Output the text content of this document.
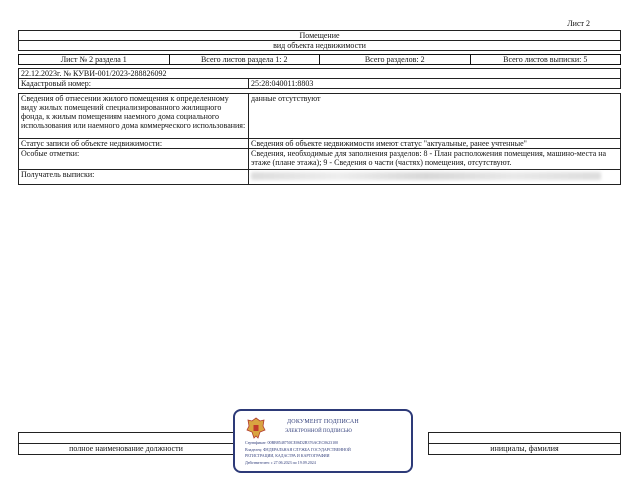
Лист 2
Помещение
вид объекта недвижимости
Лист № 2 раздела 1	Всего листов раздела 1: 2	Всего разделов: 2	Всего листов выписки: 5
22.12.2023г. № КУВИ-001/2023-288826092
Кадастровый номер:	25:28:040011:8803
Сведения об отнесении жилого помещения к определенному виду жилых помещений специализированного жилищного фонда, к жилым помещениям наемного дома социального использования или наемного дома коммерческого использования:	данные отсутствуют
Статус записи об объекте недвижимости:	Сведения об объекте недвижимости имеют статус "актуальные, ранее учтенные"
Особые отметки:	Сведения, необходимые для заполнения разделов: 8 - План расположения помещения, машино-места на этаже (плане этажа); 9 - Сведения о части (частях) помещения, отсутствуют.
Получатель выписки:	

полное наименование должности		инициалы, фамилия
ДОКУМЕНТ ПОДПИСАН
ЭЛЕКТРОННОЙ ПОДПИСЬЮ
Сертификат: 00BB8548750CE06D2B376ACEC0623100
Владелец: ФЕДЕРАЛЬНАЯ СЛУЖБА ГОСУДАРСТВЕННОЙ
РЕГИСТРАЦИИ, КАДАСТРА И КАРТОГРАФИИ
Действителен: с 27.06.2023 по 19.09.2024
